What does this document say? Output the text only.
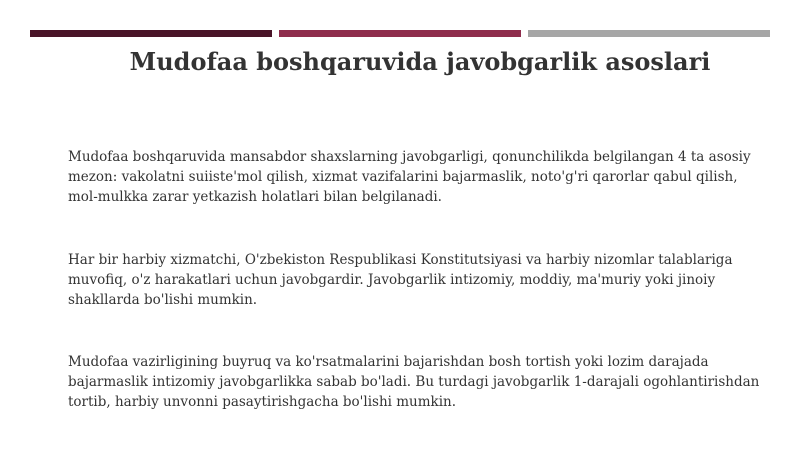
Mudofaa boshqaruvida javobgarlik asoslari

Mudofaa boshqaruvida mansabdor shaxslarning javobgarligi, qonunchilikda belgilangan 4 ta asosiy mezon: vakolatni suiiste'mol qilish, xizmat vazifalarini bajarmaslik, noto'g'ri qarorlar qabul qilish, mol-mulkka zarar yetkazish holatlari bilan belgilanadi.

Har bir harbiy xizmatchi, O'zbekiston Respublikasi Konstitutsiyasi va harbiy nizomlar talablariga muvofiq, o'z harakatlari uchun javobgardir. Javobgarlik intizomiy, moddiy, ma'muriy yoki jinoiy shakllarda bo'lishi mumkin.

Mudofaa vazirligining buyruq va ko'rsatmalarini bajarishdan bosh tortish yoki lozim darajada bajarmaslik intizomiy javobgarlikka sabab bo'ladi. Bu turdagi javobgarlik 1-darajali ogohlantirishdan tortib, harbiy unvonni pasaytirishgacha bo'lishi mumkin.
